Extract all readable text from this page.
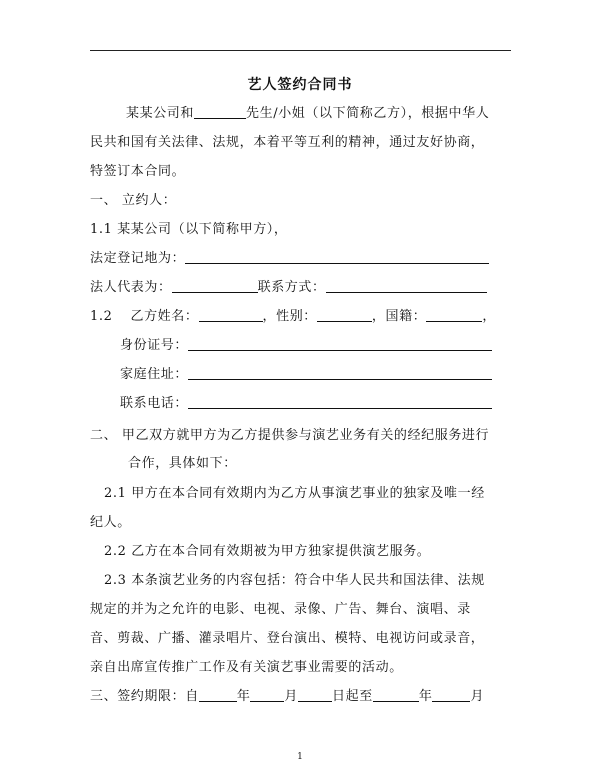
艺人签约合同书
某某公司和	先生/小姐（以下简称乙方），根据中华人
民共和国有关法律、法规，本着平等互利的精神，通过友好协商，
特签订本合同。
一、 立约人：
1.1 某某公司（以下简称甲方），
法定登记地为：
法人代表为：	联系方式：
1.2 乙方姓名：	，性别：	，国籍：	，
身份证号：
家庭住址：
联系电话：
二、 甲乙双方就甲方为乙方提供参与演艺业务有关的经纪服务进行
合作，具体如下：
2.1 甲方在本合同有效期内为乙方从事演艺事业的独家及唯一经
纪人。
2.2 乙方在本合同有效期被为甲方独家提供演艺服务。
2.3 本条演艺业务的内容包括：符合中华人民共和国法律、法规
规定的并为之允许的电影、电视、录像、广告、舞台、演唱、录
音、剪裁、广播、灌录唱片、登台演出、模特、电视访问或录音，
亲自出席宣传推广工作及有关演艺事业需要的活动。
三、签约期限：自	年	月	日起至	年	月
1
